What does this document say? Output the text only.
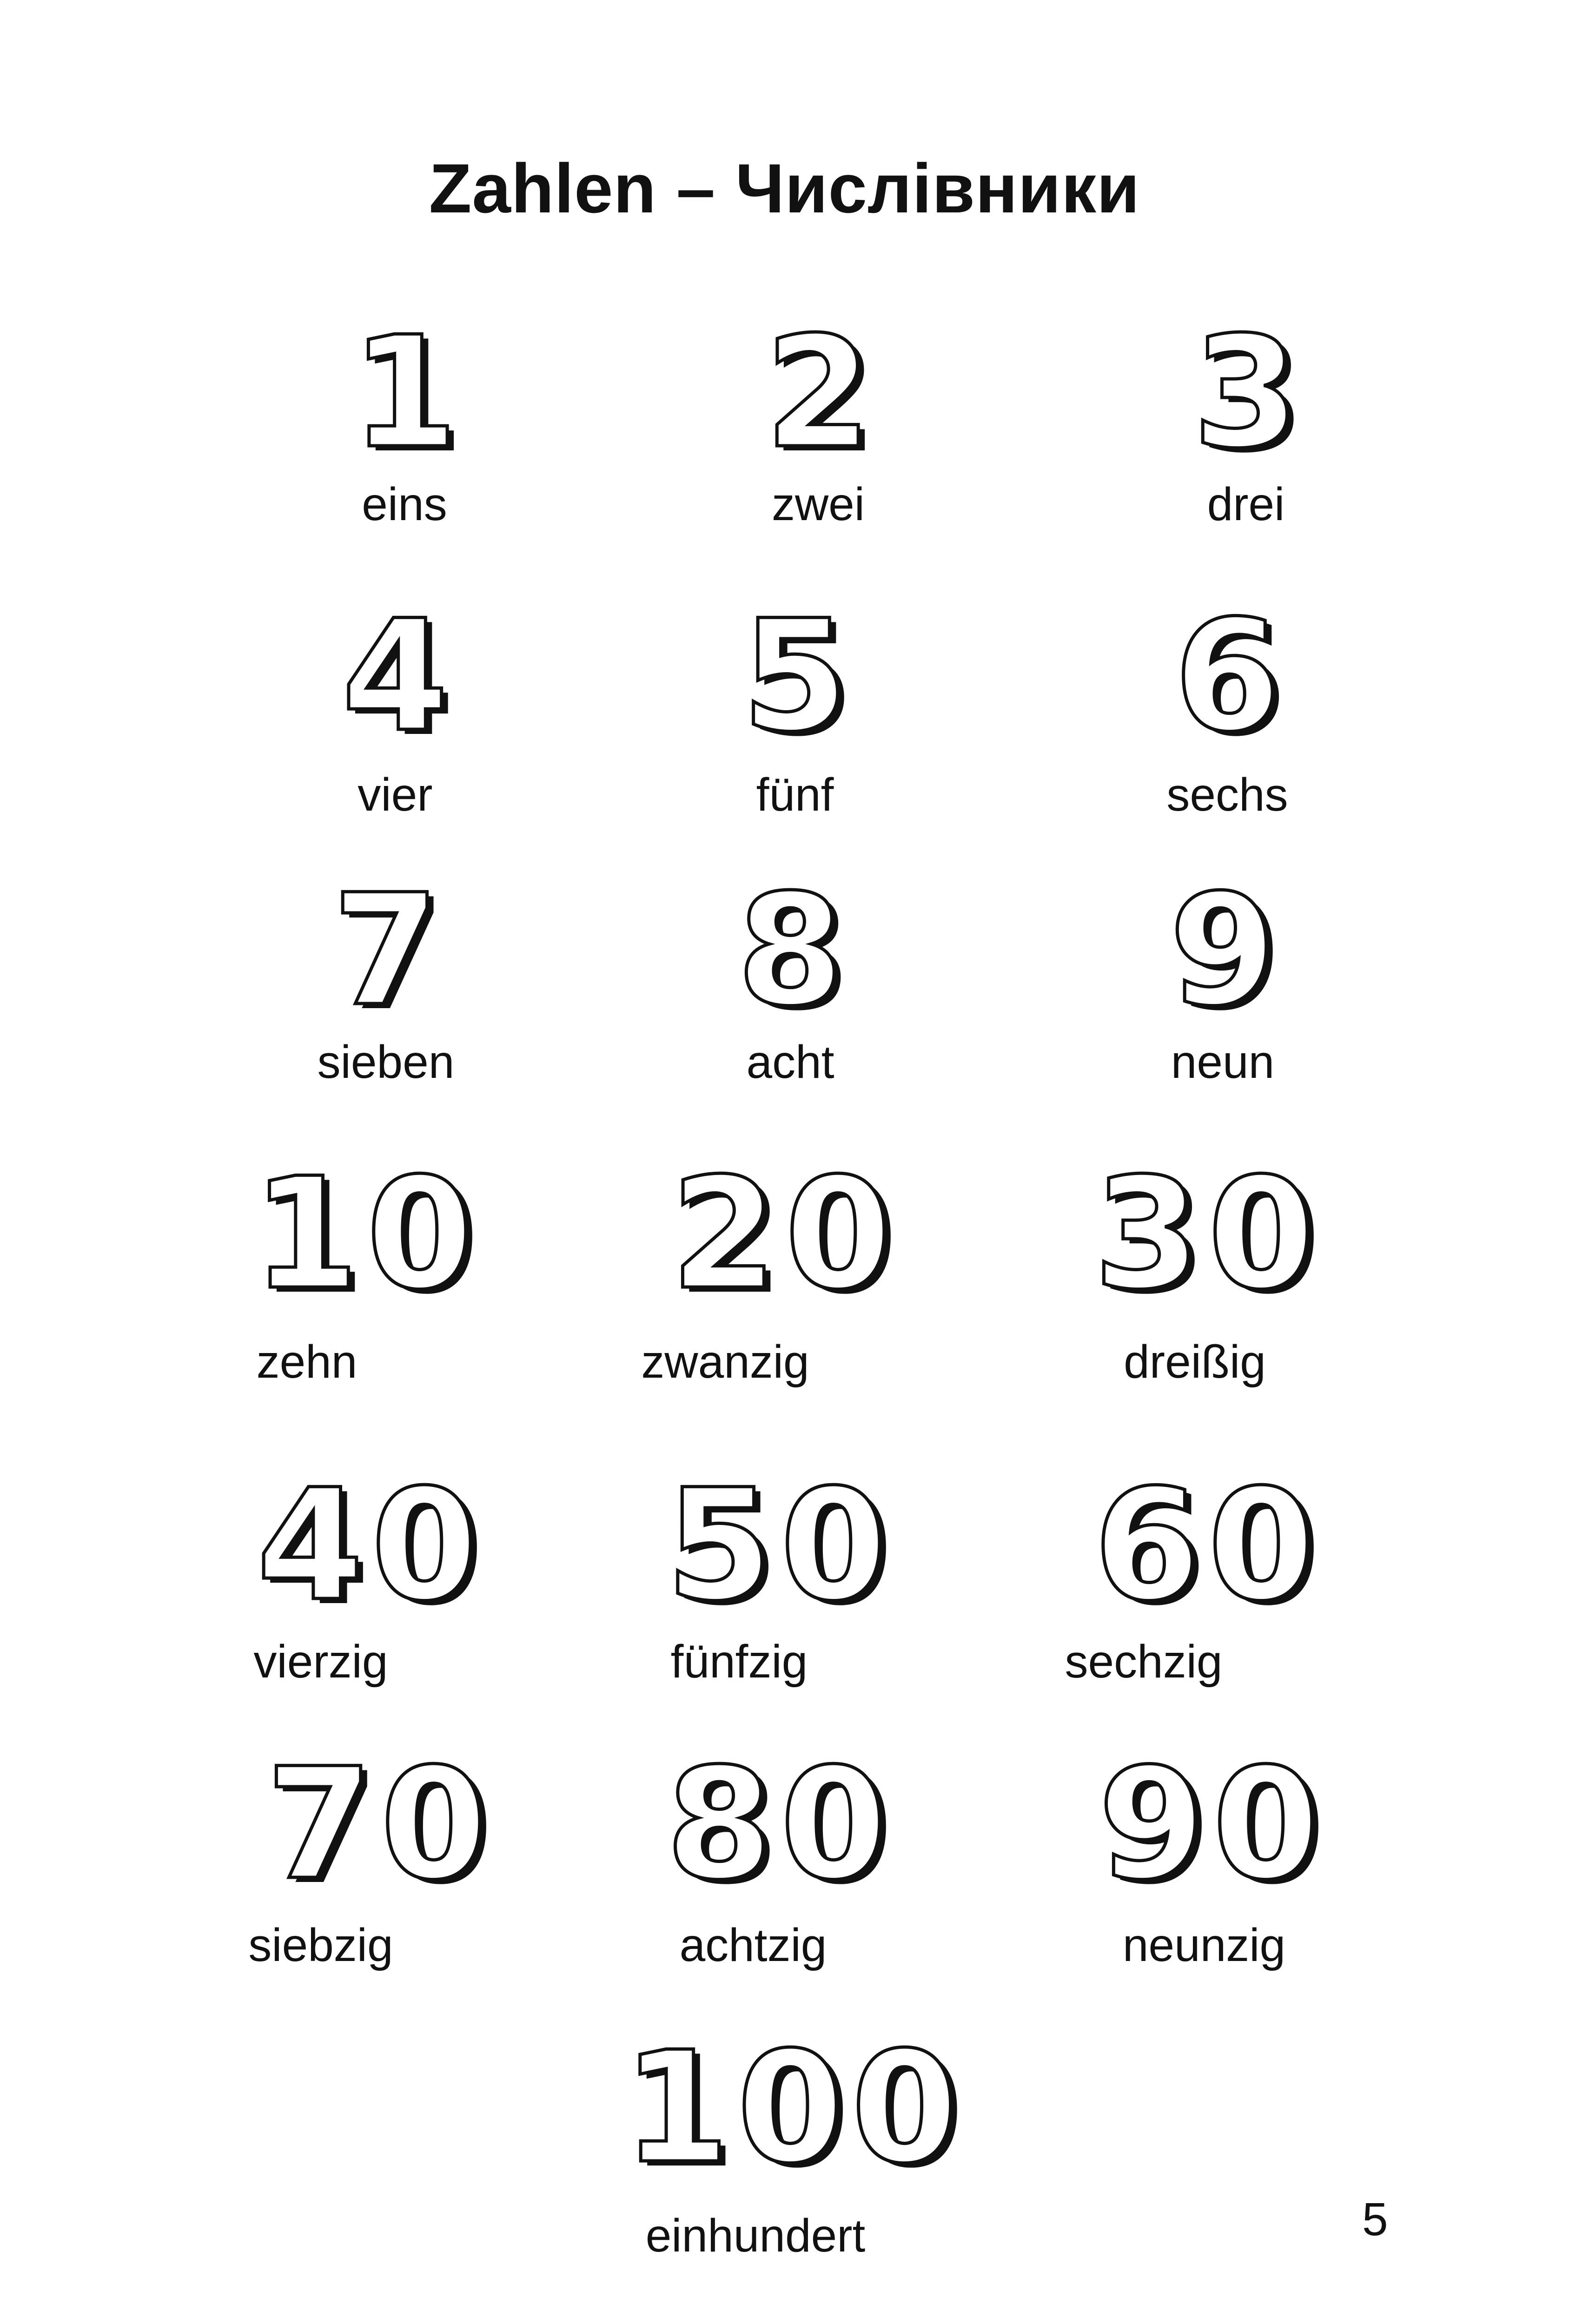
Zahlen – Числівники
1
eins
2
zwei
3
drei
4
vier
5
fünf
6
sechs
7
sieben
8
acht
9
neun
1 0
zehn
2 0
zwanzig
3 0
dreißig
4 0
vierzig
5 0
fünfzig
6 0
sechzig
7 0
siebzig
8 0
achtzig
9 0
neunzig
1 0 0
einhundert	5
